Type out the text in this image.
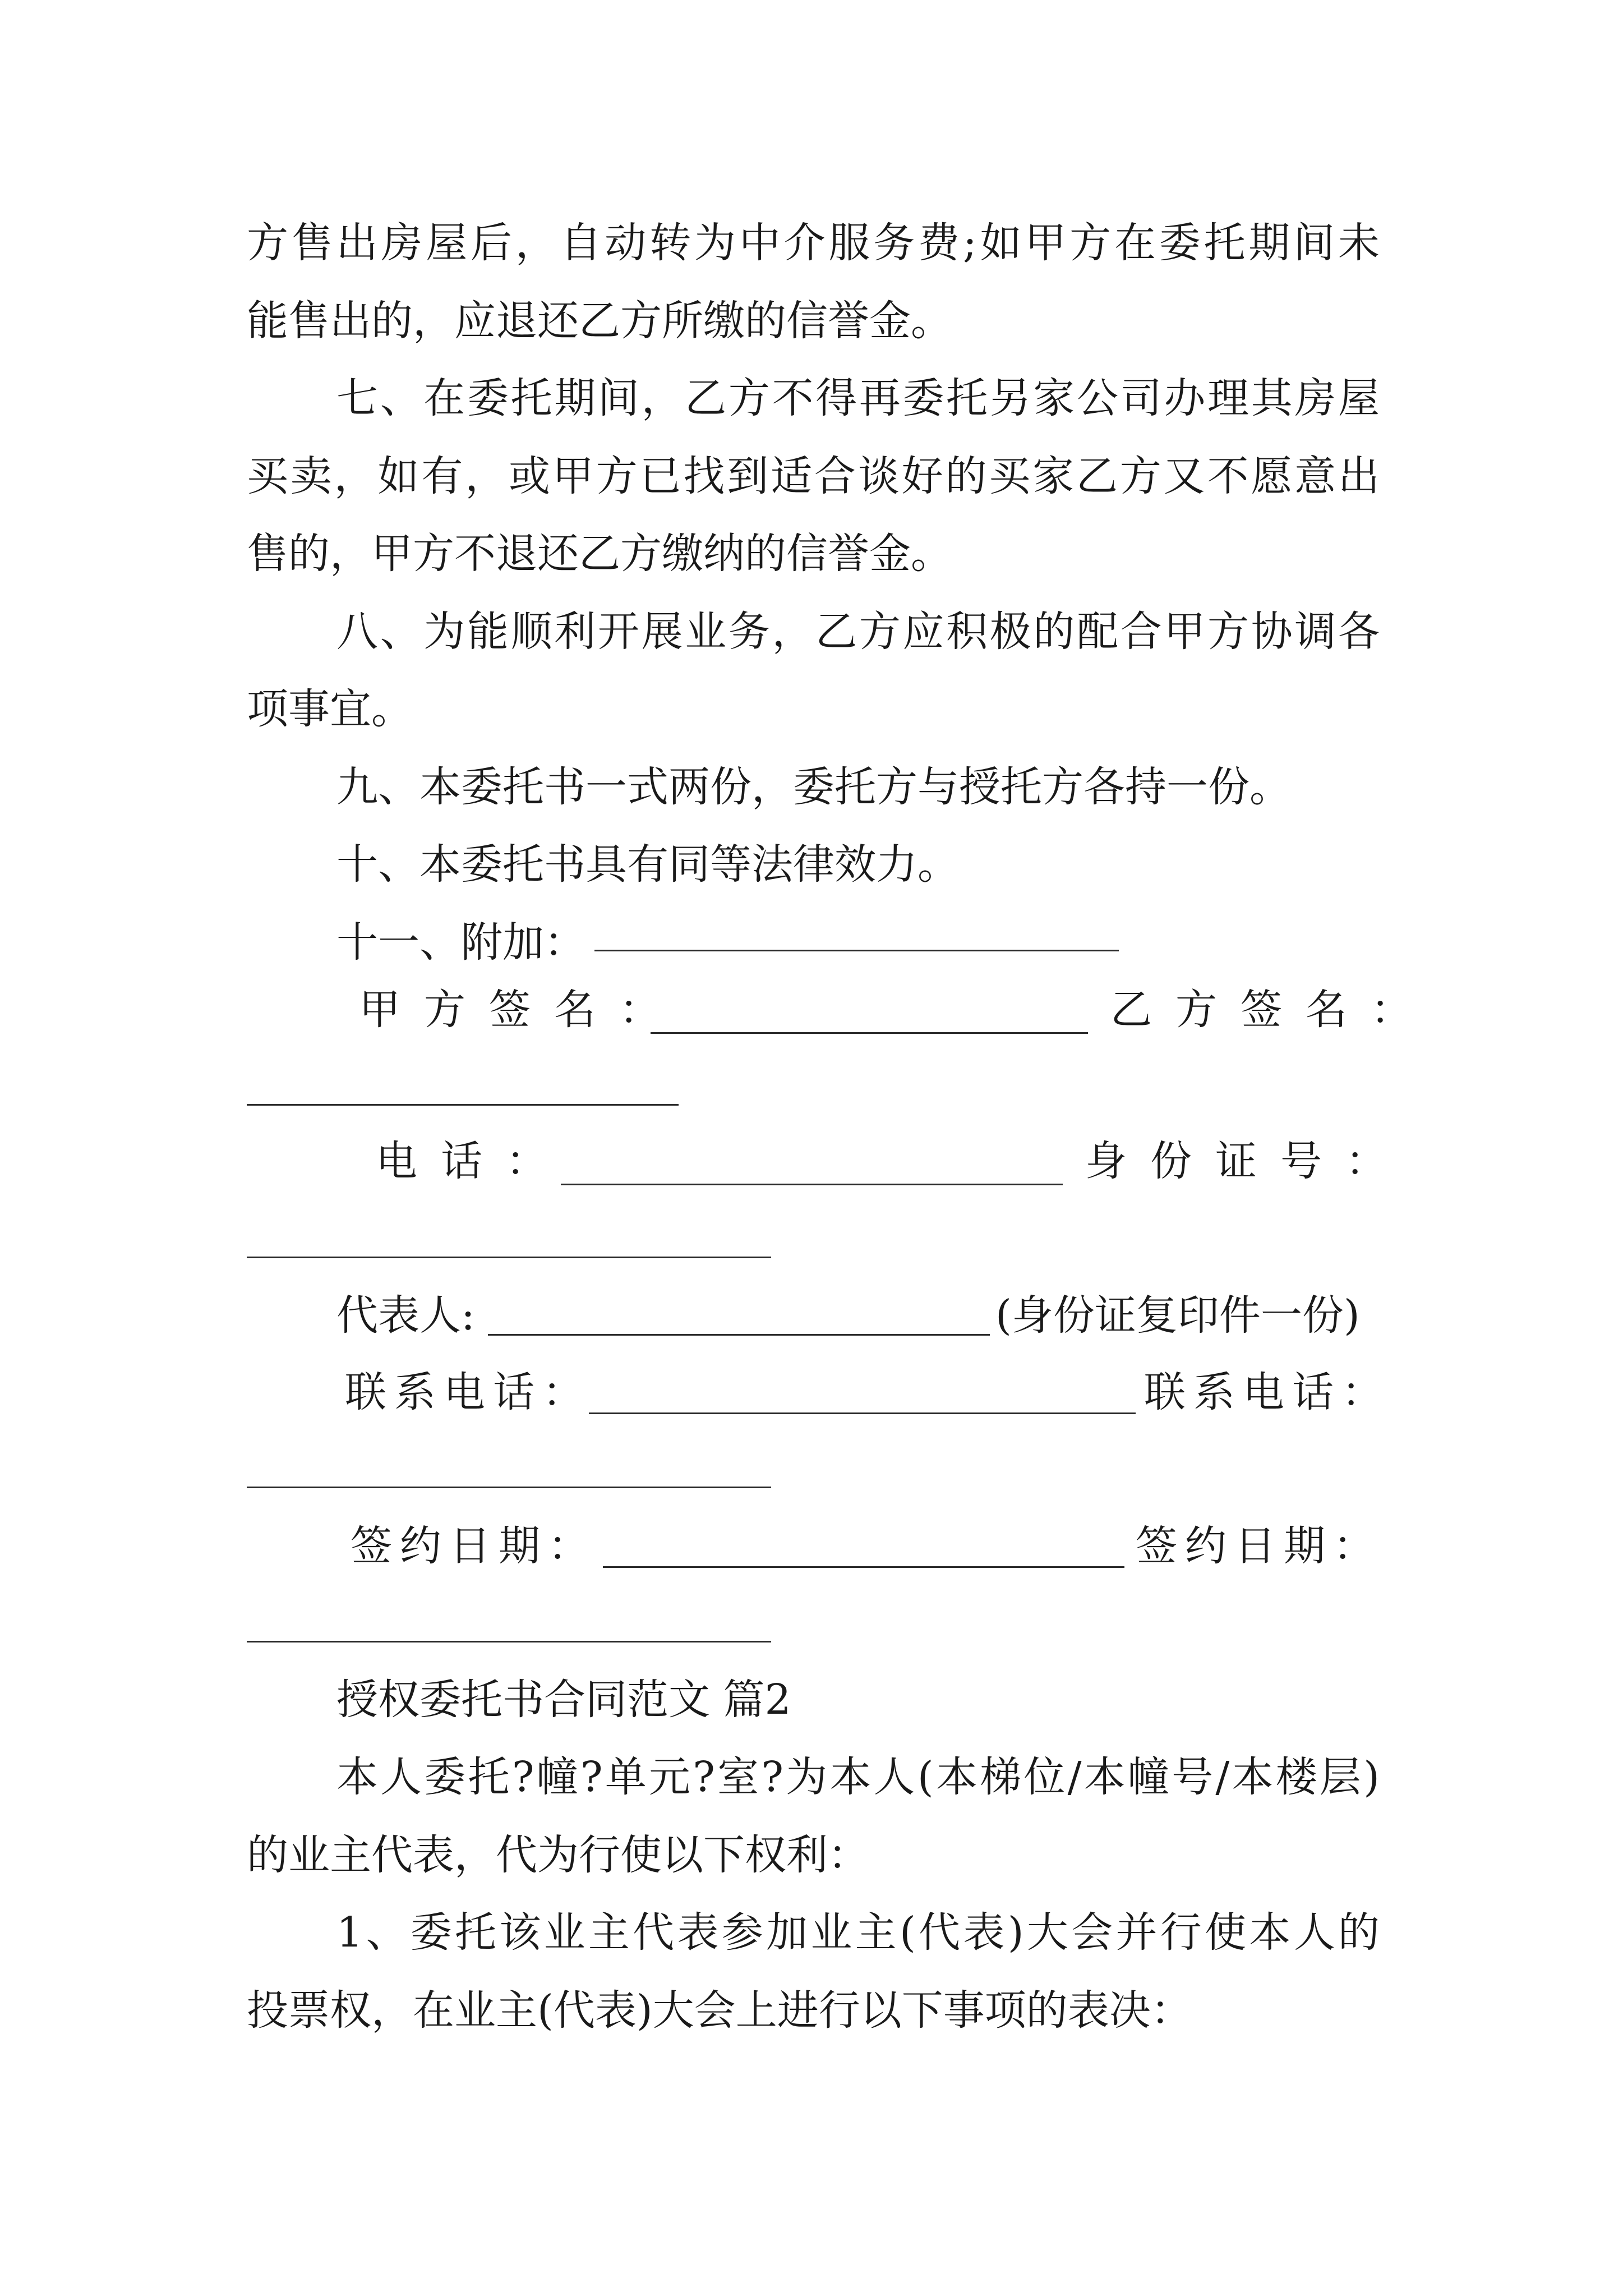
方售出房屋后，自动转为中介服务费;如甲方在委托期间未
能售出的，应退还乙方所缴的信誉金。
七、在委托期间，乙方不得再委托另家公司办理其房屋
买卖，如有，或甲方已找到适合谈好的买家乙方又不愿意出
售的，甲方不退还乙方缴纳的信誉金。
八、为能顺利开展业务，乙方应积极的配合甲方协调各
项事宜。
九、本委托书一式两份，委托方与授托方各持一份。
十、本委托书具有同等法律效力。
十一、附加：
甲方签名：	乙方签名：
电话：	身份证号：
代表人:	(身份证复印件一份)
联系电话：	联系电话：
签约日期：	签约日期：
授权委托书合同范文 篇2
本人委托?幢?单元?室?为本人(本梯位/本幢号/本楼层)
的业主代表，代为行使以下权利：
1、委托该业主代表参加业主(代表)大会并行使本人的
投票权，在业主(代表)大会上进行以下事项的表决：
